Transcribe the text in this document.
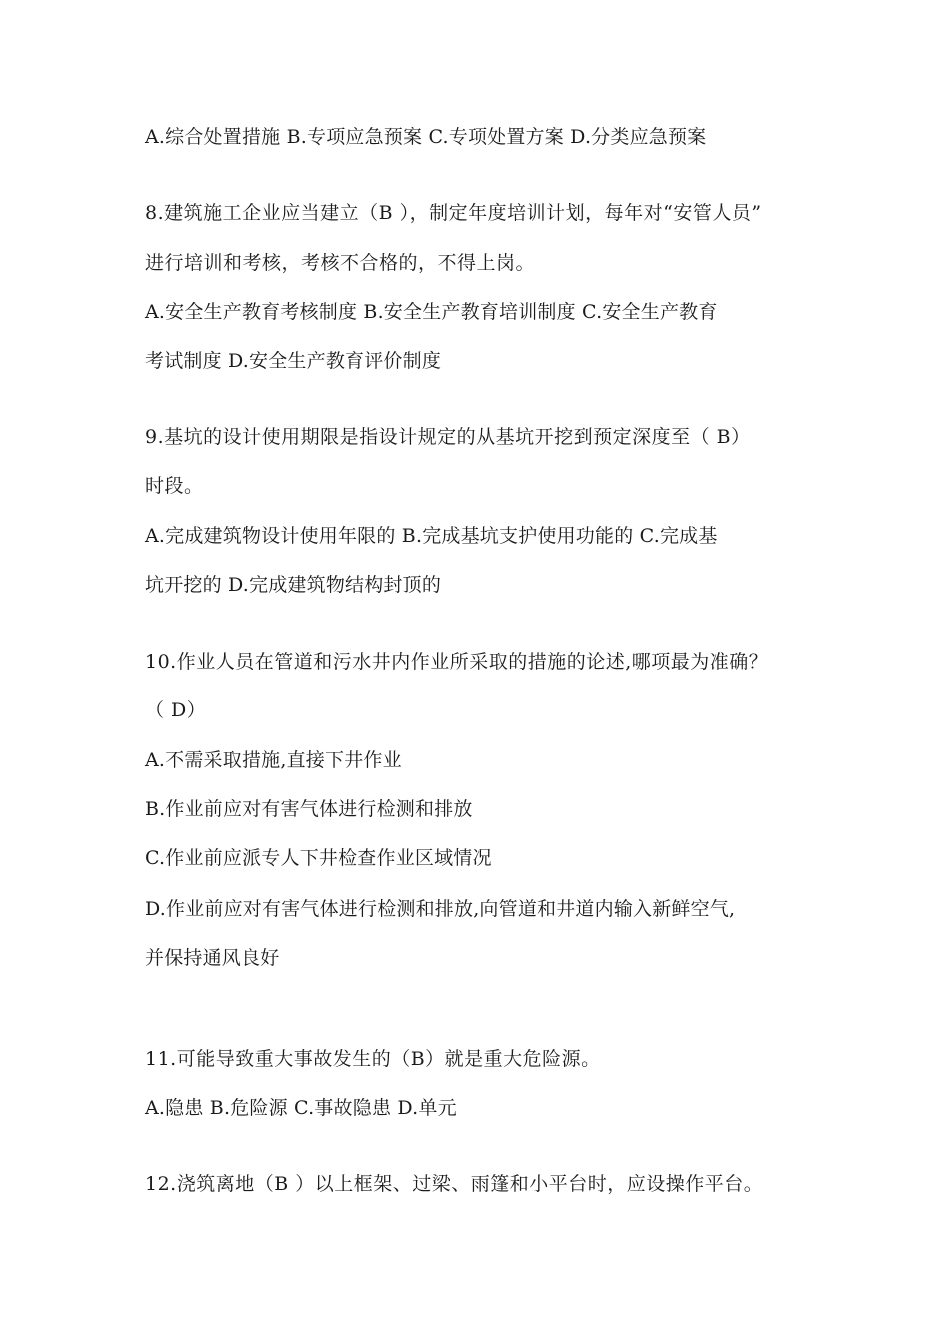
A.综合处置措施 B.专项应急预案 C.专项处置方案 D.分类应急预案
8.建筑施工企业应当建立（B ），制定年度培训计划，每年对“安管人员”
进行培训和考核，考核不合格的，不得上岗。
A.安全生产教育考核制度 B.安全生产教育培训制度 C.安全生产教育
考试制度 D.安全生产教育评价制度
9.基坑的设计使用期限是指设计规定的从基坑开挖到预定深度至（ B）
时段。
A.完成建筑物设计使用年限的 B.完成基坑支护使用功能的 C.完成基
坑开挖的 D.完成建筑物结构封顶的
10.作业人员在管道和污水井内作业所采取的措施的论述,哪项最为准确？
（ D）
A.不需采取措施,直接下井作业
B.作业前应对有害气体进行检测和排放
C.作业前应派专人下井检查作业区域情况
D.作业前应对有害气体进行检测和排放,向管道和井道内输入新鲜空气,
并保持通风良好
11.可能导致重大事故发生的（B）就是重大危险源。
A.隐患 B.危险源 C.事故隐患 D.单元
12.浇筑离地（B ）以上框架、过梁、雨篷和小平台时，应设操作平台。
